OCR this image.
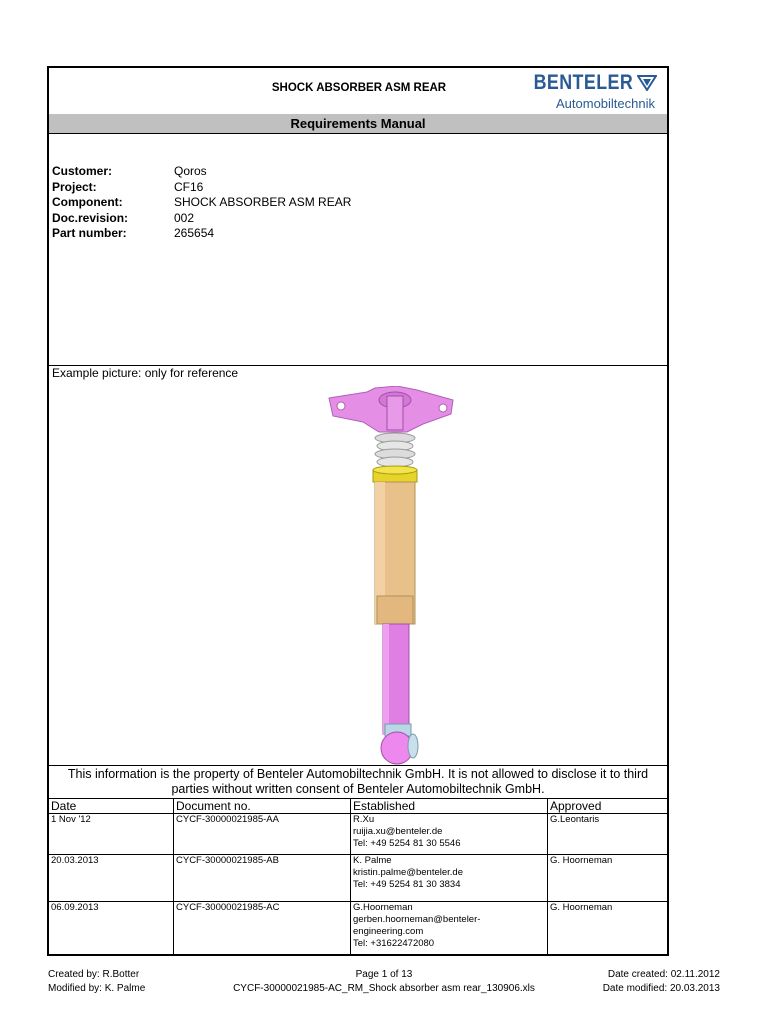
SHOCK ABSORBER ASM REAR	BENTELER
Automobiltechnik
Requirements Manual
Customer:	Qoros
Project:	CF16
Component:	SHOCK ABSORBER ASM REAR
Doc.revision:	002
Part number:	265654
Example picture: only for reference
This information is the property of Benteler Automobiltechnik GmbH. It is not allowed to disclose it to third
parties without written consent of Benteler Automobiltechnik GmbH.
Date	Document no.	Established	Approved
1 Nov '12	CYCF-30000021985-AA	R.Xu
ruijia.xu@benteler.de
Tel: +49 5254 81 30 5546	G.Leontaris
20.03.2013	CYCF-30000021985-AB	K. Palme
kristin.palme@benteler.de
Tel: +49 5254 81 30 3834	G. Hoorneman
06.09.2013	CYCF-30000021985-AC	G.Hoorneman
gerben.hoorneman@benteler-
engineering.com
Tel: +31622472080	G. Hoorneman
Created by: R.Botter
Modified by: K. Palme
Page 1 of 13
CYCF-30000021985-AC_RM_Shock absorber asm rear_130906.xls
Date created: 02.11.2012
Date modified: 20.03.2013
